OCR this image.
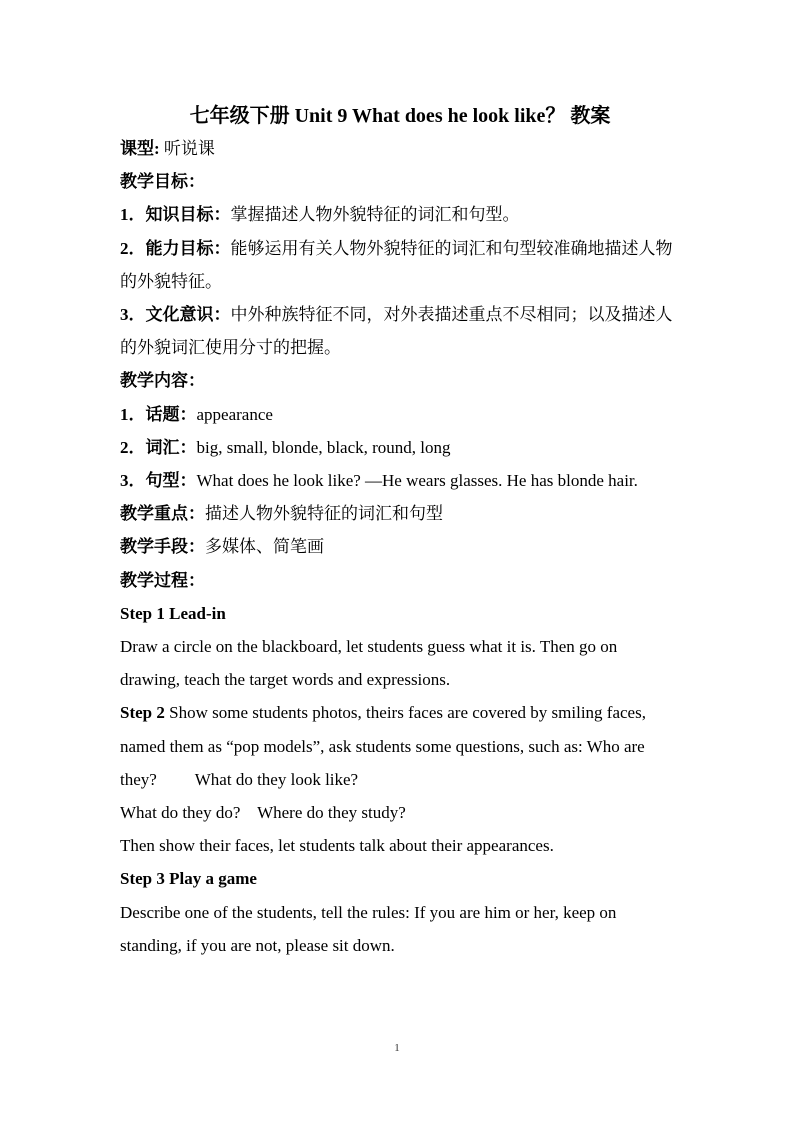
七年级下册 Unit 9 What does he look like？ 教案

课型: 听说课

教学目标：

1．知识目标：掌握描述人物外貌特征的词汇和句型。

2．能力目标：能够运用有关人物外貌特征的词汇和句型较准确地描述人物的外貌特征。

3．文化意识：中外种族特征不同，对外表描述重点不尽相同；以及描述人的外貌词汇使用分寸的把握。

教学内容：

1．话题：appearance

2．词汇：big, small, blonde, black, round, long

3．句型：What does he look like? —He wears glasses. He has blonde hair.

教学重点：描述人物外貌特征的词汇和句型

教学手段：多媒体、简笔画

教学过程：

Step 1 Lead-in

Draw a circle on the blackboard, let students guess what it is. Then go on drawing, teach the target words and expressions.

Step 2 Show some students photos, theirs faces are covered by smiling faces, named them as “pop models”, ask students some questions, such as: Who are they?         What do they look like?

What do they do?    Where do they study?

Then show their faces, let students talk about their appearances.

Step 3 Play a game

Describe one of the students, tell the rules: If you are him or her, keep on standing, if you are not, please sit down.

1
